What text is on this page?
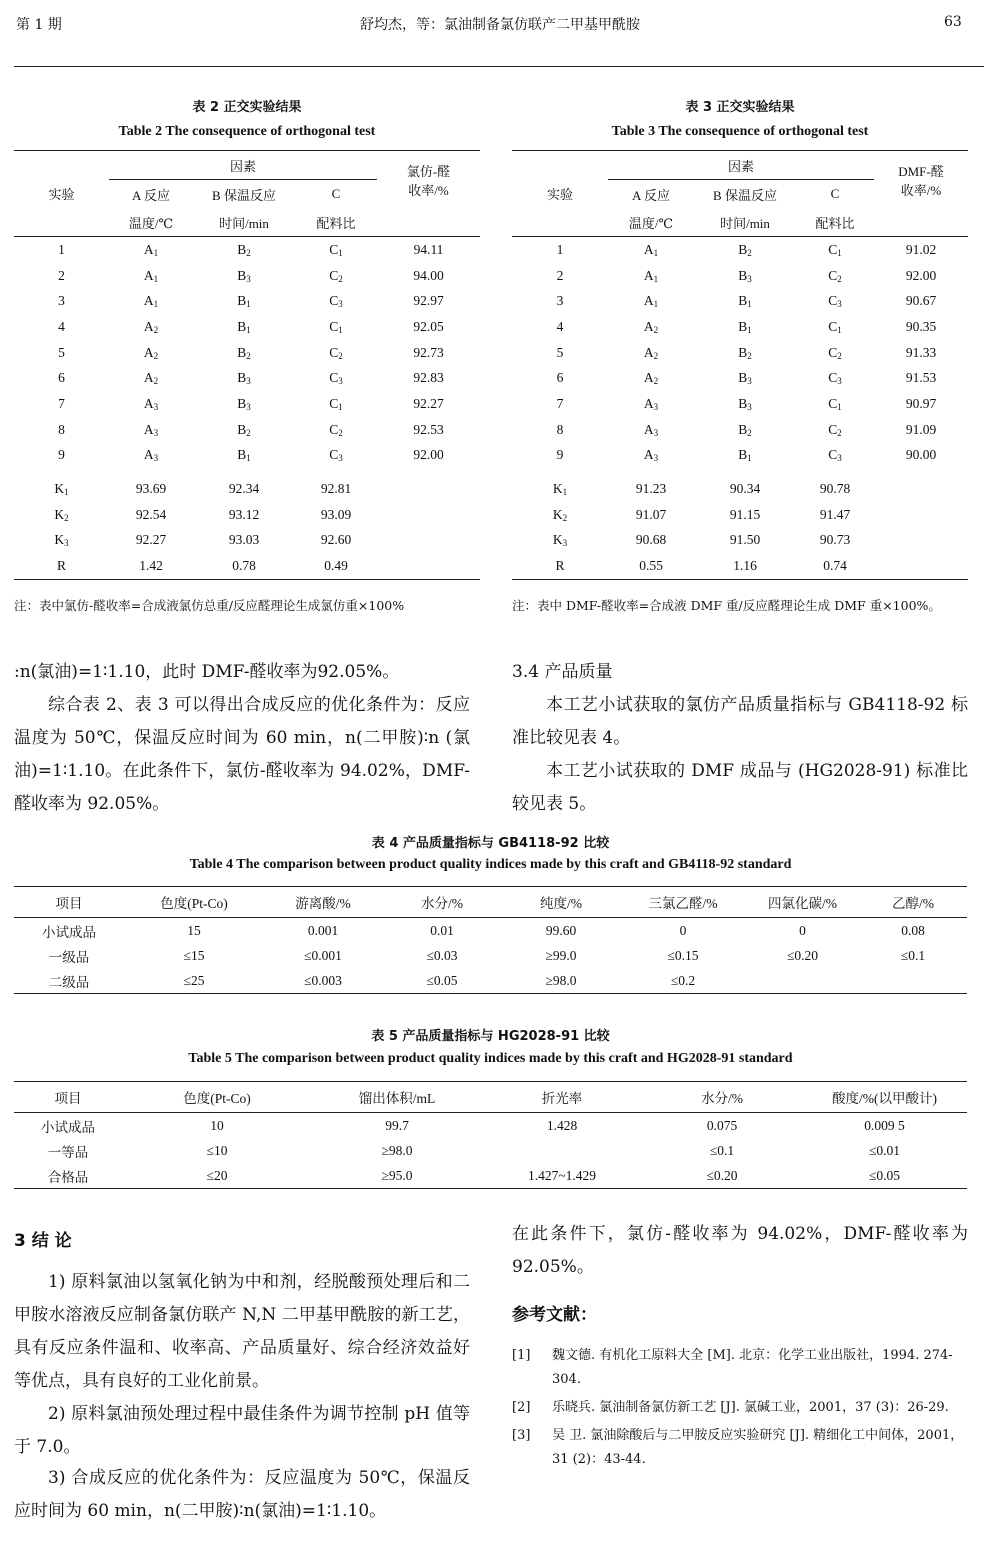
第 1 期	舒均杰，等：氯油制备氯仿联产二甲基甲酰胺	63
表 2 正交实验结果
Table 2 The consequence of orthogonal test
实验	因素			氯仿-醛
	A 反应	B 保温反应	C	收率/%
	温度/℃	时间/min	配料比	
1	$A_1$	$B_2$	$C_1$	94.11
2	$A_1$	$B_3$	$C_2$	94.00
3	$A_1$	$B_1$	$C_3$	92.97
4	$A_2$	$B_1$	$C_1$	92.05
5	$A_2$	$B_2$	$C_2$	92.73
6	$A_2$	$B_3$	$C_3$	92.83
7	$A_3$	$B_3$	$C_1$	92.27
8	$A_3$	$B_2$	$C_2$	92.53
9	$A_3$	$B_1$	$C_3$	92.00
$K_1$	93.69	92.34	92.81	
$K_2$	92.54	93.12	93.09	
$K_3$	92.27	93.03	92.60	
R	1.42	0.78	0.49	
注：表中氯仿-醛收率=合成液氯仿总重/反应醛理论生成氯仿重×100%
表 3 正交实验结果
Table 3 The consequence of orthogonal test
实验	因素			DMF-醛
	A 反应	B 保温反应	C	收率/%
	温度/℃	时间/min	配料比	
1	$A_1$	$B_2$	$C_1$	91.02
2	$A_1$	$B_3$	$C_2$	92.00
3	$A_1$	$B_1$	$C_3$	90.67
4	$A_2$	$B_1$	$C_1$	90.35
5	$A_2$	$B_2$	$C_2$	91.33
6	$A_2$	$B_3$	$C_3$	91.53
7	$A_3$	$B_3$	$C_1$	90.97
8	$A_3$	$B_2$	$C_2$	91.09
9	$A_3$	$B_1$	$C_3$	90.00
$K_1$	91.23	90.34	90.78	
$K_2$	91.07	91.15	91.47	
$K_3$	90.68	91.50	90.73	
R	0.55	1.16	0.74	
注：表中 DMF-醛收率=合成液 DMF 重/反应醛理论生成 DMF 重×100%。
:n(氯油)=1∶1.10，此时 DMF-醛收率为92.05%。
综合表 2、表 3 可以得出合成反应的优化条件为：反应温度为 50℃，保温反应时间为 60 min，n(二甲胺)∶n (氯油)=1∶1.10。在此条件下，氯仿-醛收率为 94.02%，DMF-醛收率为 92.05%。
3.4 产品质量
本工艺小试获取的氯仿产品质量指标与 GB4118-92 标准比较见表 4。
本工艺小试获取的 DMF 成品与 (HG2028-91) 标准比较见表 5。
表 4 产品质量指标与 GB4118-92 比较
Table 4 The comparison between product quality indices made by this craft and GB4118-92 standard
项目	色度(Pt-Co)	游离酸/%	水分/%	纯度/%	三氯乙醛/%	四氯化碳/%	乙醇/%
小试成品	15	0.001	0.01	99.60	0	0	0.08
一级品	≤15	≤0.001	≤0.03	≥99.0	≤0.15	≤0.20	≤0.1
二级品	≤25	≤0.003	≤0.05	≥98.0	≤0.2		
表 5 产品质量指标与 HG2028-91 比较
Table 5 The comparison between product quality indices made by this craft and HG2028-91 standard
项目	色度(Pt-Co)	馏出体积/mL	折光率	水分/%	酸度/%(以甲酸计)
小试成品	10	99.7	1.428	0.075	0.009 5
一等品	≤10	≥98.0		≤0.1	≤0.01
合格品	≤20	≥95.0	1.427~1.429	≤0.20	≤0.05
3 结 论
1) 原料氯油以氢氧化钠为中和剂，经脱酸预处理后和二甲胺水溶液反应制备氯仿联产 N,N 二甲基甲酰胺的新工艺，具有反应条件温和、收率高、产品质量好、综合经济效益好等优点，具有良好的工业化前景。
2) 原料氯油预处理过程中最佳条件为调节控制 pH 值等于 7.0。
3) 合成反应的优化条件为：反应温度为 50℃，保温反应时间为 60 min，n(二甲胺)∶n(氯油)=1∶1.10。
在此条件下，氯仿-醛收率为 94.02%，DMF-醛收率为 92.05%。
参考文献：
[1]	魏文德. 有机化工原料大全 [M]. 北京：化学工业出版社，1994. 274-304.
[2]	乐晓兵. 氯油制备氯仿新工艺 [J]. 氯碱工业，2001，37 (3)：26-29.
[3]	吴 卫. 氯油除酸后与二甲胺反应实验研究 [J]. 精细化工中间体，2001，31 (2)：43-44.
